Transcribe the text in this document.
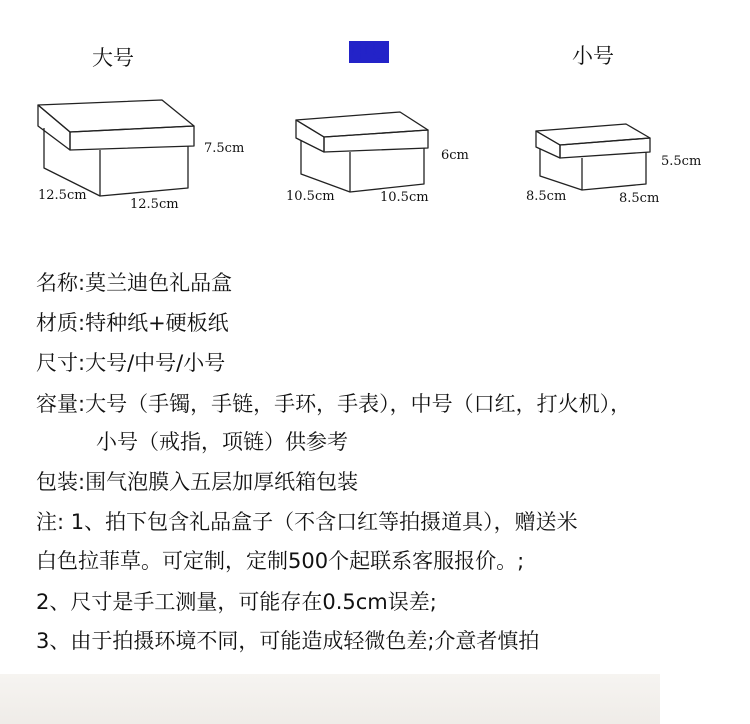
大号	中号	小号
7.5cm
12.5cm
12.5cm
6cm
10.5cm	10.5cm
5.5cm
8.5cm	8.5cm
名称:莫兰迪色礼品盒
材质:特种纸+硬板纸
尺寸:大号/中号/小号
容量:大号（手镯，手链，手环，手表），中号（口红，打火机），
小号（戒指，项链）供参考
包装:围气泡膜入五层加厚纸箱包装
注: 1、拍下包含礼品盒子（不含口红等拍摄道具），赠送米
白色拉菲草。可定制，定制500个起联系客服报价。;
2、尺寸是手工测量，可能存在0.5cm误差;
3、由于拍摄环境不同，可能造成轻微色差;介意者慎拍
